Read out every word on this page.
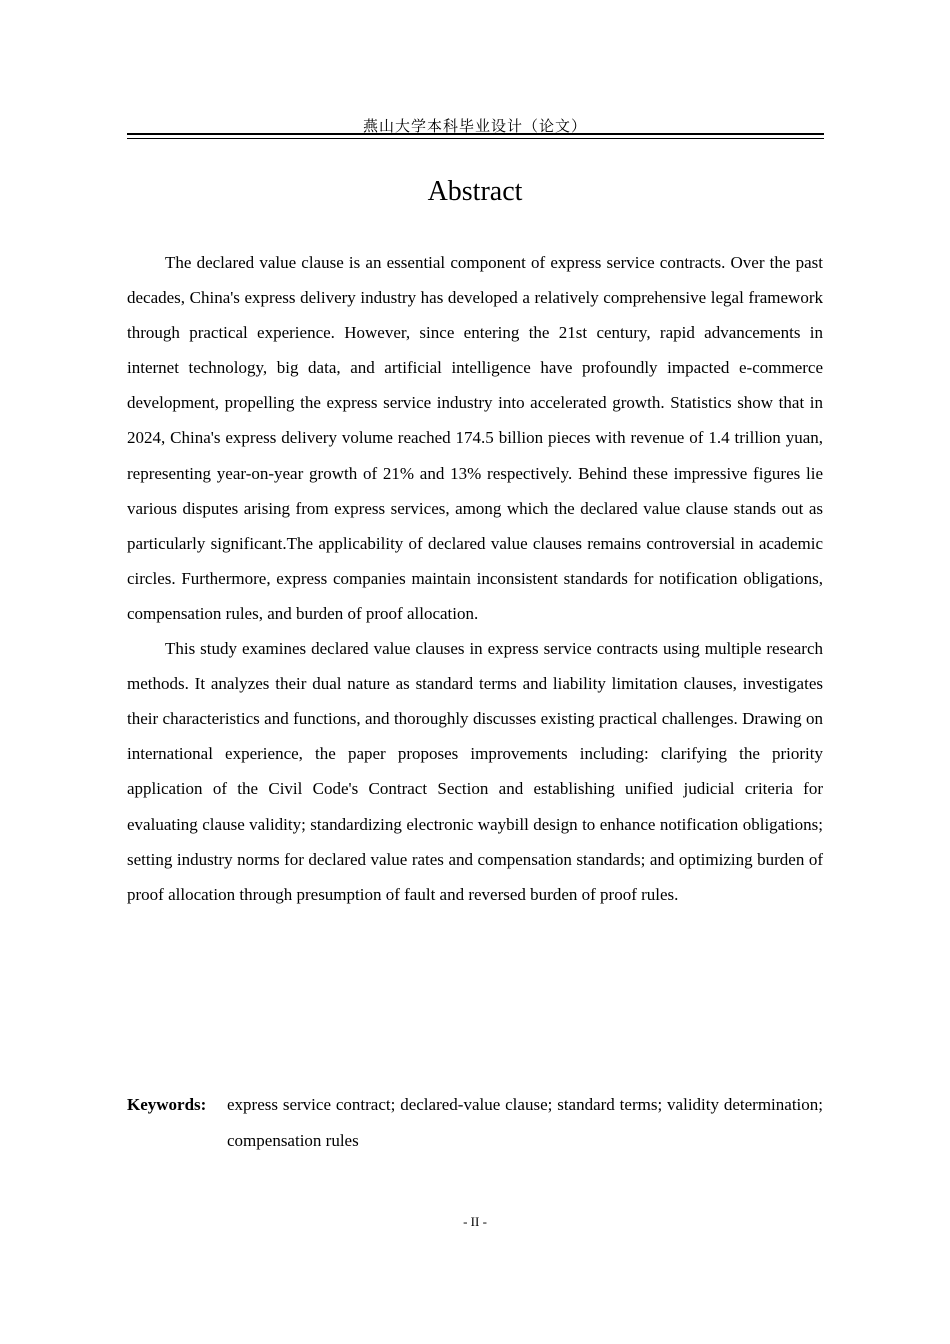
燕山大学本科毕业设计（论文）
Abstract

The declared value clause is an essential component of express service contracts. Over the past decades, China's express delivery industry has developed a relatively comprehensive legal framework through practical experience. However, since entering the 21st century, rapid advancements in internet technology, big data, and artificial intelligence have profoundly impacted e-commerce development, propelling the express service industry into accelerated growth. Statistics show that in 2024, China's express delivery volume reached 174.5 billion pieces with revenue of 1.4 trillion yuan, representing year-on-year growth of 21% and 13% respectively. Behind these impressive figures lie various disputes arising from express services, among which the declared value clause stands out as particularly significant.The applicability of declared value clauses remains controversial in academic circles. Furthermore, express companies maintain inconsistent standards for notification obligations, compensation rules, and burden of proof allocation.

This study examines declared value clauses in express service contracts using multiple research methods. It analyzes their dual nature as standard terms and liability limitation clauses, investigates their characteristics and functions, and thoroughly discusses existing practical challenges. Drawing on international experience, the paper proposes improvements including: clarifying the priority application of the Civil Code's Contract Section and establishing unified judicial criteria for evaluating clause validity; standardizing electronic waybill design to enhance notification obligations; setting industry norms for declared value rates and compensation standards; and optimizing burden of proof allocation through presumption of fault and reversed burden of proof rules.

Keywords:	express service contract; declared-value clause; standard terms; validity determination; compensation rules
- II -
